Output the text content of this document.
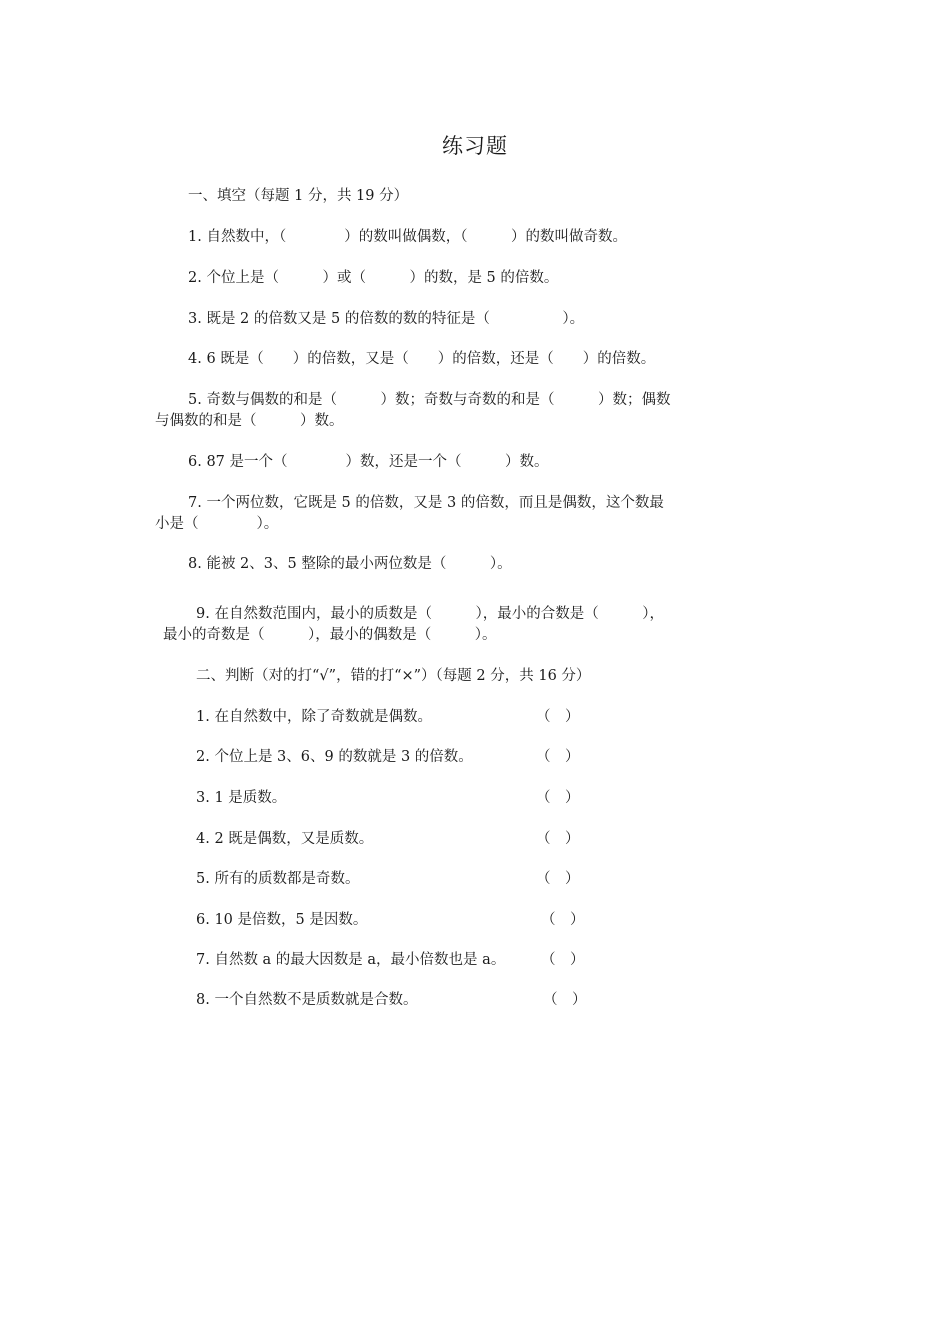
练习题
一、填空（每题 1 分，共 19 分）
1. 自然数中，（　　　　）的数叫做偶数，（　　　）的数叫做奇数。
2. 个位上是（　　　）或（　　　）的数，是 5 的倍数。
3. 既是 2 的倍数又是 5 的倍数的数的特征是（　　　　　）。
4. 6 既是（　　）的倍数，又是（　　）的倍数，还是（　　）的倍数。
5. 奇数与偶数的和是（　　　）数；奇数与奇数的和是（　　　）数；偶数
与偶数的和是（　　　）数。
6. 87 是一个（　　　　）数，还是一个（　　　）数。
7. 一个两位数，它既是 5 的倍数，又是 3 的倍数，而且是偶数，这个数最
小是（　　　　）。
8. 能被 2、3、5 整除的最小两位数是（　　　）。
9. 在自然数范围内，最小的质数是（　　　），最小的合数是（　　　），
最小的奇数是（　　　），最小的偶数是（　　　）。
二、判断（对的打“√”，错的打“×”）（每题 2 分，共 16 分）
1. 在自然数中，除了奇数就是偶数。	（　）
2. 个位上是 3、6、9 的数就是 3 的倍数。	（　）
3. 1 是质数。	（　）
4. 2 既是偶数，又是质数。	（　）
5. 所有的质数都是奇数。	（　）
6. 10 是倍数，5 是因数。	（　）
7. 自然数 a 的最大因数是 a，最小倍数也是 a。 （　）
8. 一个自然数不是质数就是合数。	（　）
